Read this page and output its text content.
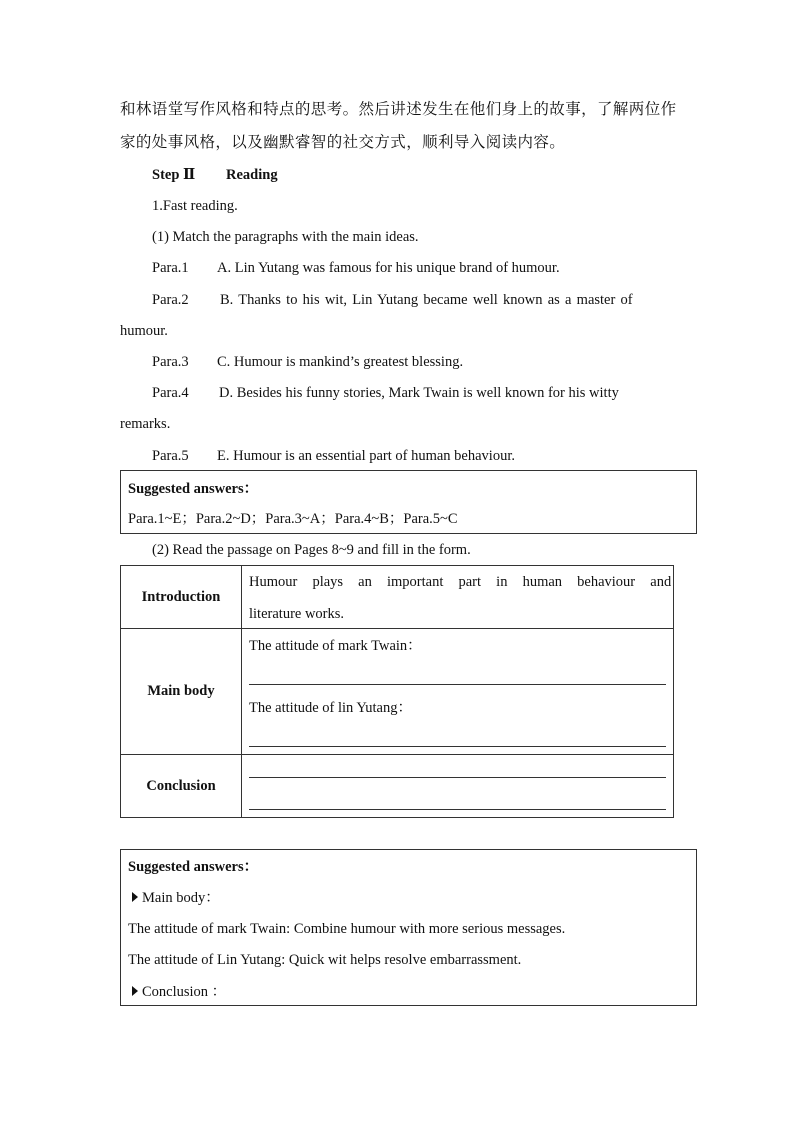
和林语堂写作风格和特点的思考。然后讲述发生在他们身上的故事，了解两位作
家的处事风格，以及幽默睿智的社交方式，顺利导入阅读内容。
Step Ⅱ Reading
1.Fast reading.
(1) Match the paragraphs with the main ideas.
Para.1 A. Lin Yutang was famous for his unique brand of humour.
Para.2 B. Thanks to his wit, Lin Yutang became well known as a master of
humour.
Para.3 C. Humour is mankind’s greatest blessing.
Para.4 D. Besides his funny stories, Mark Twain is well known for his witty
remarks.
Para.5 E. Humour is an essential part of human behaviour.
Suggested answers：
Para.1~E；Para.2~D；Para.3~A；Para.4~B；Para.5~C
(2) Read the passage on Pages 8~9 and fill in the form.
Introduction	Humour plays an important part in human behaviour and
literature works.

Main body	The attitude of mark Twain：
The attitude of lin Yutang：

Conclusion	
Suggested answers：
Main body：
The attitude of mark Twain: Combine humour with more serious messages.
The attitude of Lin Yutang: Quick wit helps resolve embarrassment.
Conclusion ：
